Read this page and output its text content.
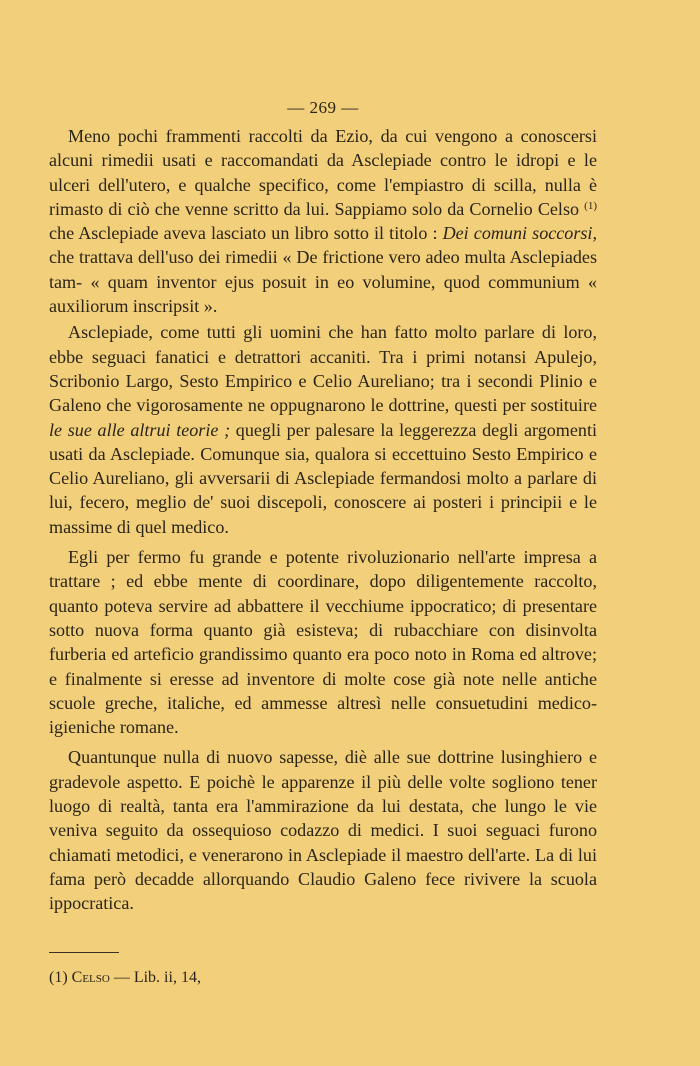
— 269 —

Meno pochi frammenti raccolti da Ezio, da cui vengono a conoscersi alcuni rimedii usati e raccomandati da Asclepiade contro le idropi e le ulceri dell'utero, e qualche specifico, come l'empiastro di scilla, nulla è rimasto di ciò che venne scritto da lui. Sappiamo solo da Cornelio Celso $^{(1)}$ che Asclepiade aveva lasciato un libro sotto il titolo : Dei comuni soccorsi, che trattava dell'uso dei rimedii « De frictione vero adeo multa Asclepiades tam- « quam inventor ejus posuit in eo volumine, quod communium « auxiliorum inscripsit ».

Asclepiade, come tutti gli uomini che han fatto molto parlare di loro, ebbe seguaci fanatici e detrattori accaniti. Tra i primi notansi Apulejo, Scribonio Largo, Sesto Empirico e Celio Aureliano; tra i secondi Plinio e Galeno che vigorosamente ne oppugnarono le dottrine, questi per sostituire le sue alle altrui teorie ; quegli per palesare la leggerezza degli argomenti usati da Asclepiade. Comunque sia, qualora si eccettuino Sesto Empirico e Celio Aureliano, gli avversarii di Asclepiade fermandosi molto a parlare di lui, fecero, meglio de' suoi discepoli, conoscere ai posteri i principii e le massime di quel medico.

Egli per fermo fu grande e potente rivoluzionario nell'arte impresa a trattare ; ed ebbe mente di coordinare, dopo diligentemente raccolto, quanto poteva servire ad abbattere il vecchiume ippocratico; di presentare sotto nuova forma quanto già esisteva; di rubacchiare con disinvolta furberia ed artefìcio grandissimo quanto era poco noto in Roma ed altrove; e finalmente si eresse ad inventore di molte cose già note nelle antiche scuole greche, italiche, ed ammesse altresì nelle consuetudini medico-igieniche romane.

Quantunque nulla di nuovo sapesse, diè alle sue dottrine lusinghiero e gradevole aspetto. E poichè le apparenze il più delle volte sogliono tener luogo di realtà, tanta era l'ammirazione da lui destata, che lungo le vie veniva seguito da ossequioso codazzo di medici. I suoi seguaci furono chiamati metodici, e venerarono in Asclepiade il maestro dell'arte. La di lui fama però decadde allorquando Claudio Galeno fece rivivere la scuola ippocratica.

(1) Celso — Lib. ii, 14,
